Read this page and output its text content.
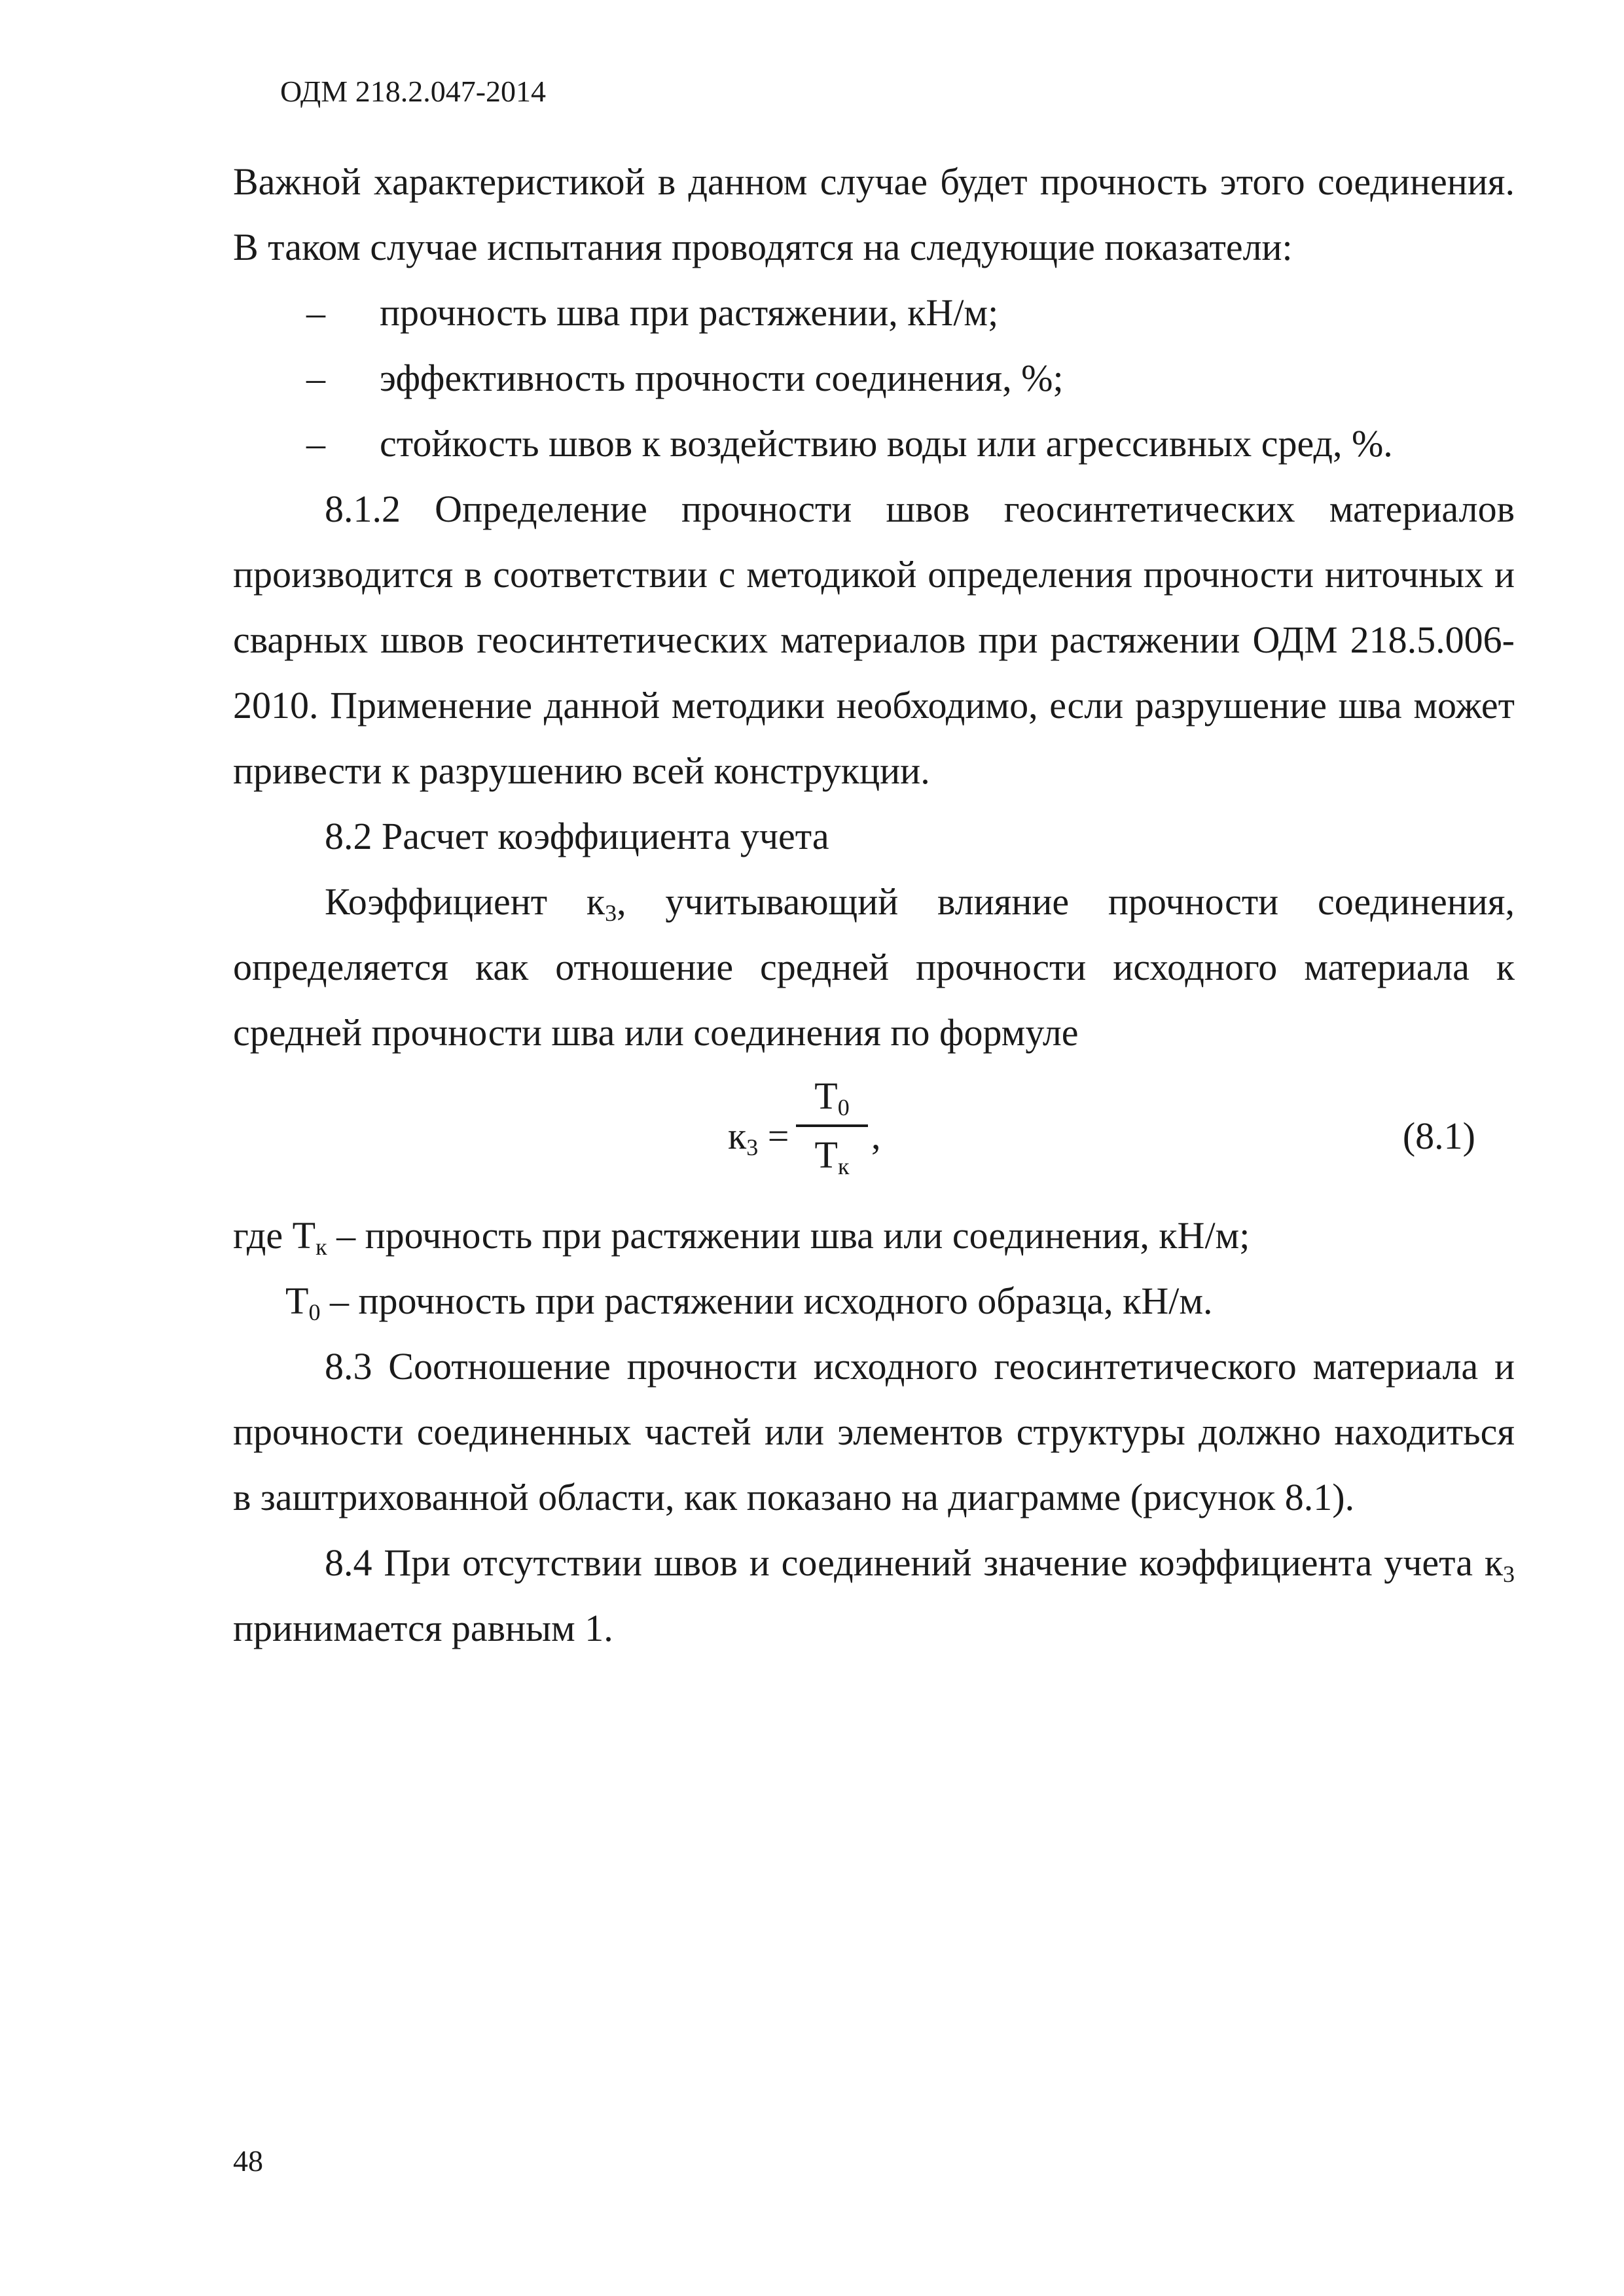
ОДМ 218.2.047-2014

Важной характеристикой в данном случае будет прочность этого соединения. В таком случае испытания проводятся на следующие показатели:

– прочность шва при растяжении, кН/м;

– эффективность прочности соединения, %;

– стойкость швов к воздействию воды или агрессивных сред, %.

8.1.2 Определение прочности швов геосинтетических материалов производится в соответствии с методикой определения прочности ниточных и сварных швов геосинтетических материалов при растяжении ОДМ 218.5.006-2010. Применение данной методики необходимо, если разрушение шва может привести к разрушению всей конструкции.

8.2 Расчет коэффициента учета

Коэффициент $к_3$, учитывающий влияние прочности соединения, определяется как отношение средней прочности исходного материала к средней прочности шва или соединения по формуле

$к_3$ =
$T_0$
$T_к$
,	(8.1)

где $T_к$ – прочность при растяжении шва или соединения, кН/м;

$T_0$ – прочность при растяжении исходного образца, кН/м.

8.3 Соотношение прочности исходного геосинтетического материала и прочности соединенных частей или элементов структуры должно находиться в заштрихованной области, как показано на диаграмме (рисунок 8.1).

8.4 При отсутствии швов и соединений значение коэффициента учета $к_3$ принимается равным 1.

48
